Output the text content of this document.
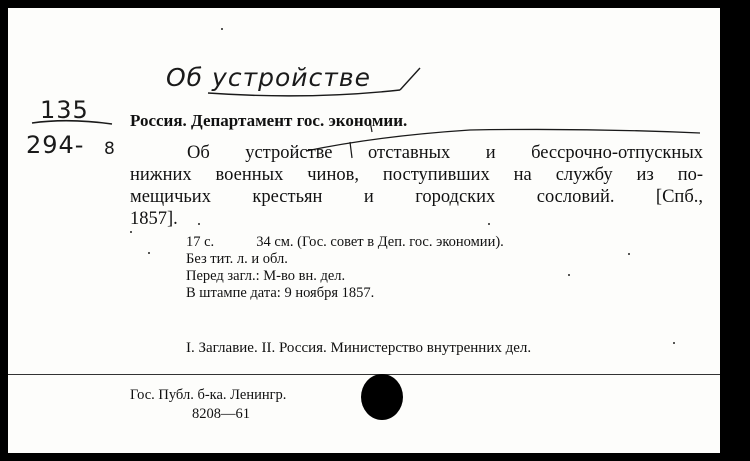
Об устройстве
135
294- 8
Россия. Департамент гос. экономии.
Об устройстве отставных и бессрочно-отпускных
нижних военных чинов, поступивших на службу из по-
мещичьих крестьян и городских сословий. [Спб.,
1857].
17 с.	34 см. (Гос. совет в Деп. гос. экономии).
Без тит. л. и обл.
Перед загл.: М-во вн. дел.
В штампе дата: 9 ноября 1857.
I. Заглавие. II. Россия. Министерство внутренних дел.
Гос. Публ. б-ка. Ленингр.
8208—61
